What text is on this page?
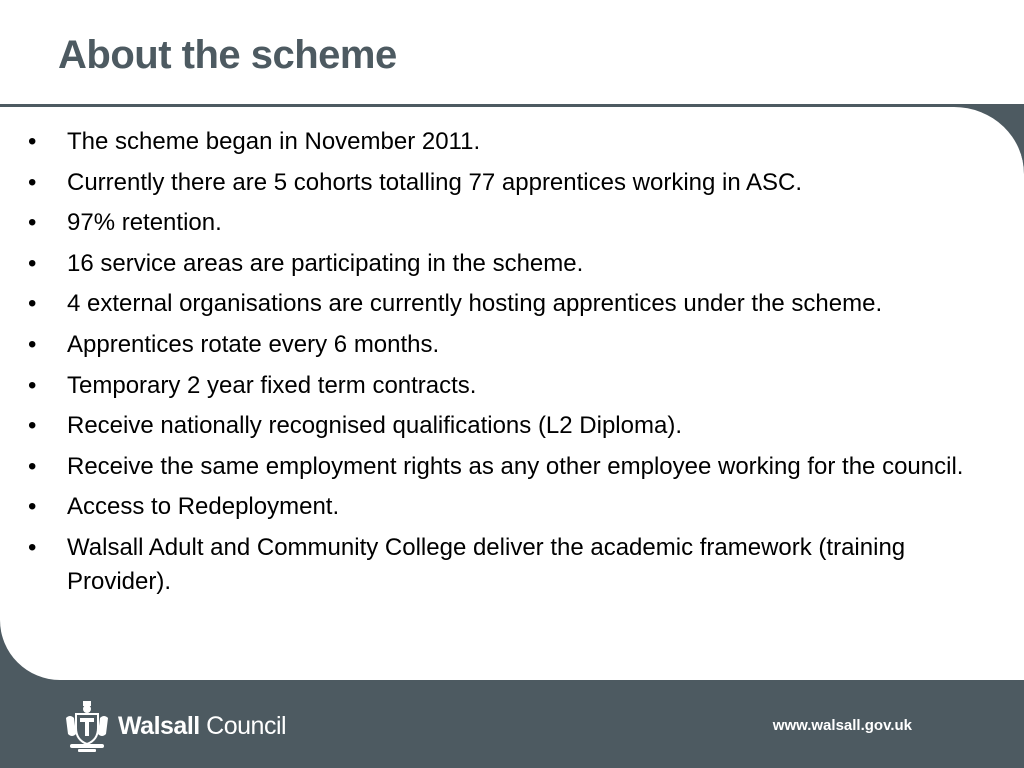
About the scheme
•	The scheme began in November 2011.
•	Currently there are 5 cohorts totalling 77 apprentices working in ASC.
•	97% retention.
•	16 service areas are participating in the scheme.
•	4 external organisations are currently hosting apprentices under the scheme.
•	Apprentices rotate every 6 months.
•	Temporary 2 year fixed term contracts.
•	Receive nationally recognised qualifications (L2 Diploma).
•	Receive the same employment rights as any other employee working for the council.
•	Access to Redeployment.
•	Walsall Adult and Community College deliver the academic framework (training Provider).
Walsall Council	www.walsall.gov.uk
